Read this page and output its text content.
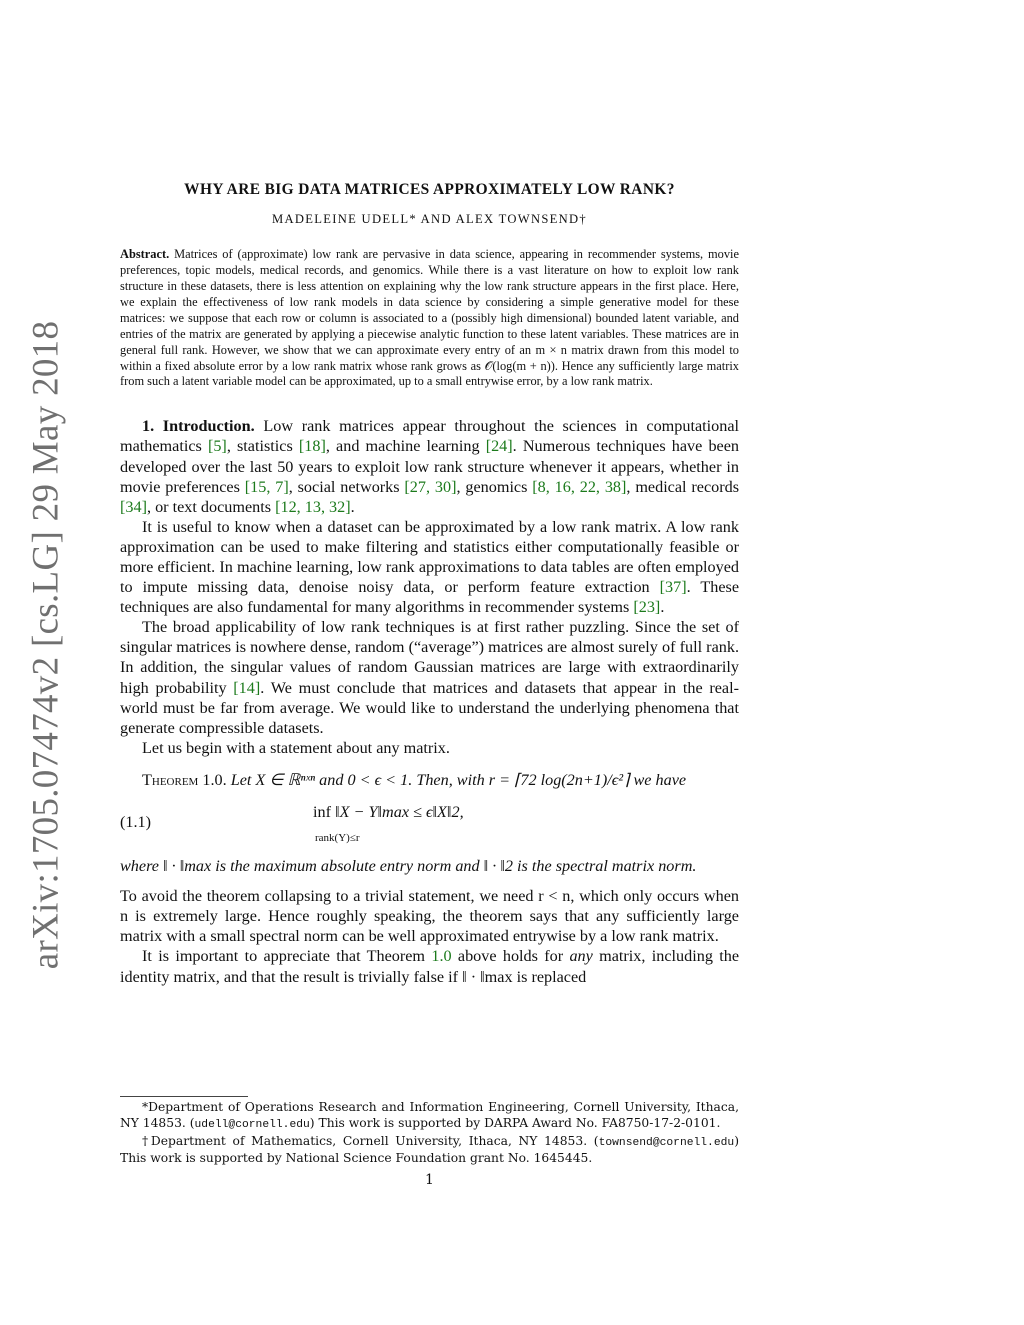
arXiv:1705.07474v2 [cs.LG] 29 May 2018
WHY ARE BIG DATA MATRICES APPROXIMATELY LOW RANK?
MADELEINE UDELL* AND ALEX TOWNSEND†
Abstract. Matrices of (approximate) low rank are pervasive in data science, appearing in recommender systems, movie preferences, topic models, medical records, and genomics. While there is a vast literature on how to exploit low rank structure in these datasets, there is less attention on explaining why the low rank structure appears in the first place. Here, we explain the effectiveness of low rank models in data science by considering a simple generative model for these matrices: we suppose that each row or column is associated to a (possibly high dimensional) bounded latent variable, and entries of the matrix are generated by applying a piecewise analytic function to these latent variables. These matrices are in general full rank. However, we show that we can approximate every entry of an m × n matrix drawn from this model to within a fixed absolute error by a low rank matrix whose rank grows as 𝒪(log(m + n)). Hence any sufficiently large matrix from such a latent variable model can be approximated, up to a small entrywise error, by a low rank matrix.

1. Introduction. Low rank matrices appear throughout the sciences in computational mathematics [5], statistics [18], and machine learning [24]. Numerous techniques have been developed over the last 50 years to exploit low rank structure whenever it appears, whether in movie preferences [15, 7], social networks [27, 30], genomics [8, 16, 22, 38], medical records [34], or text documents [12, 13, 32].

It is useful to know when a dataset can be approximated by a low rank matrix. A low rank approximation can be used to make filtering and statistics either computationally feasible or more efficient. In machine learning, low rank approximations to data tables are often employed to impute missing data, denoise noisy data, or perform feature extraction [37]. These techniques are also fundamental for many algorithms in recommender systems [23].

The broad applicability of low rank techniques is at first rather puzzling. Since the set of singular matrices is nowhere dense, random (“average”) matrices are almost surely of full rank. In addition, the singular values of random Gaussian matrices are large with extraordinarily high probability [14]. We must conclude that matrices and datasets that appear in the real-world must be far from average. We would like to understand the underlying phenomena that generate compressible datasets.

Let us begin with a statement about any matrix.

Theorem 1.0. Let X ∈ ℝⁿˣⁿ and 0 < ϵ < 1. Then, with r = ⌈72 log(2n+1)/ϵ²⌉ we have

(1.1)
inf ‖X − Y‖max ≤ ϵ‖X‖2,
rank(Y)≤r

where ‖ · ‖max is the maximum absolute entry norm and ‖ · ‖2 is the spectral matrix norm.

To avoid the theorem collapsing to a trivial statement, we need r < n, which only occurs when n is extremely large. Hence roughly speaking, the theorem says that any sufficiently large matrix with a small spectral norm can be well approximated entrywise by a low rank matrix.

It is important to appreciate that Theorem 1.0 above holds for any matrix, including the identity matrix, and that the result is trivially false if ‖ · ‖max is replaced

*Department of Operations Research and Information Engineering, Cornell University, Ithaca, NY 14853. (udell@cornell.edu) This work is supported by DARPA Award No. FA8750-17-2-0101.

†Department of Mathematics, Cornell University, Ithaca, NY 14853. (townsend@cornell.edu) This work is supported by National Science Foundation grant No. 1645445.

1
